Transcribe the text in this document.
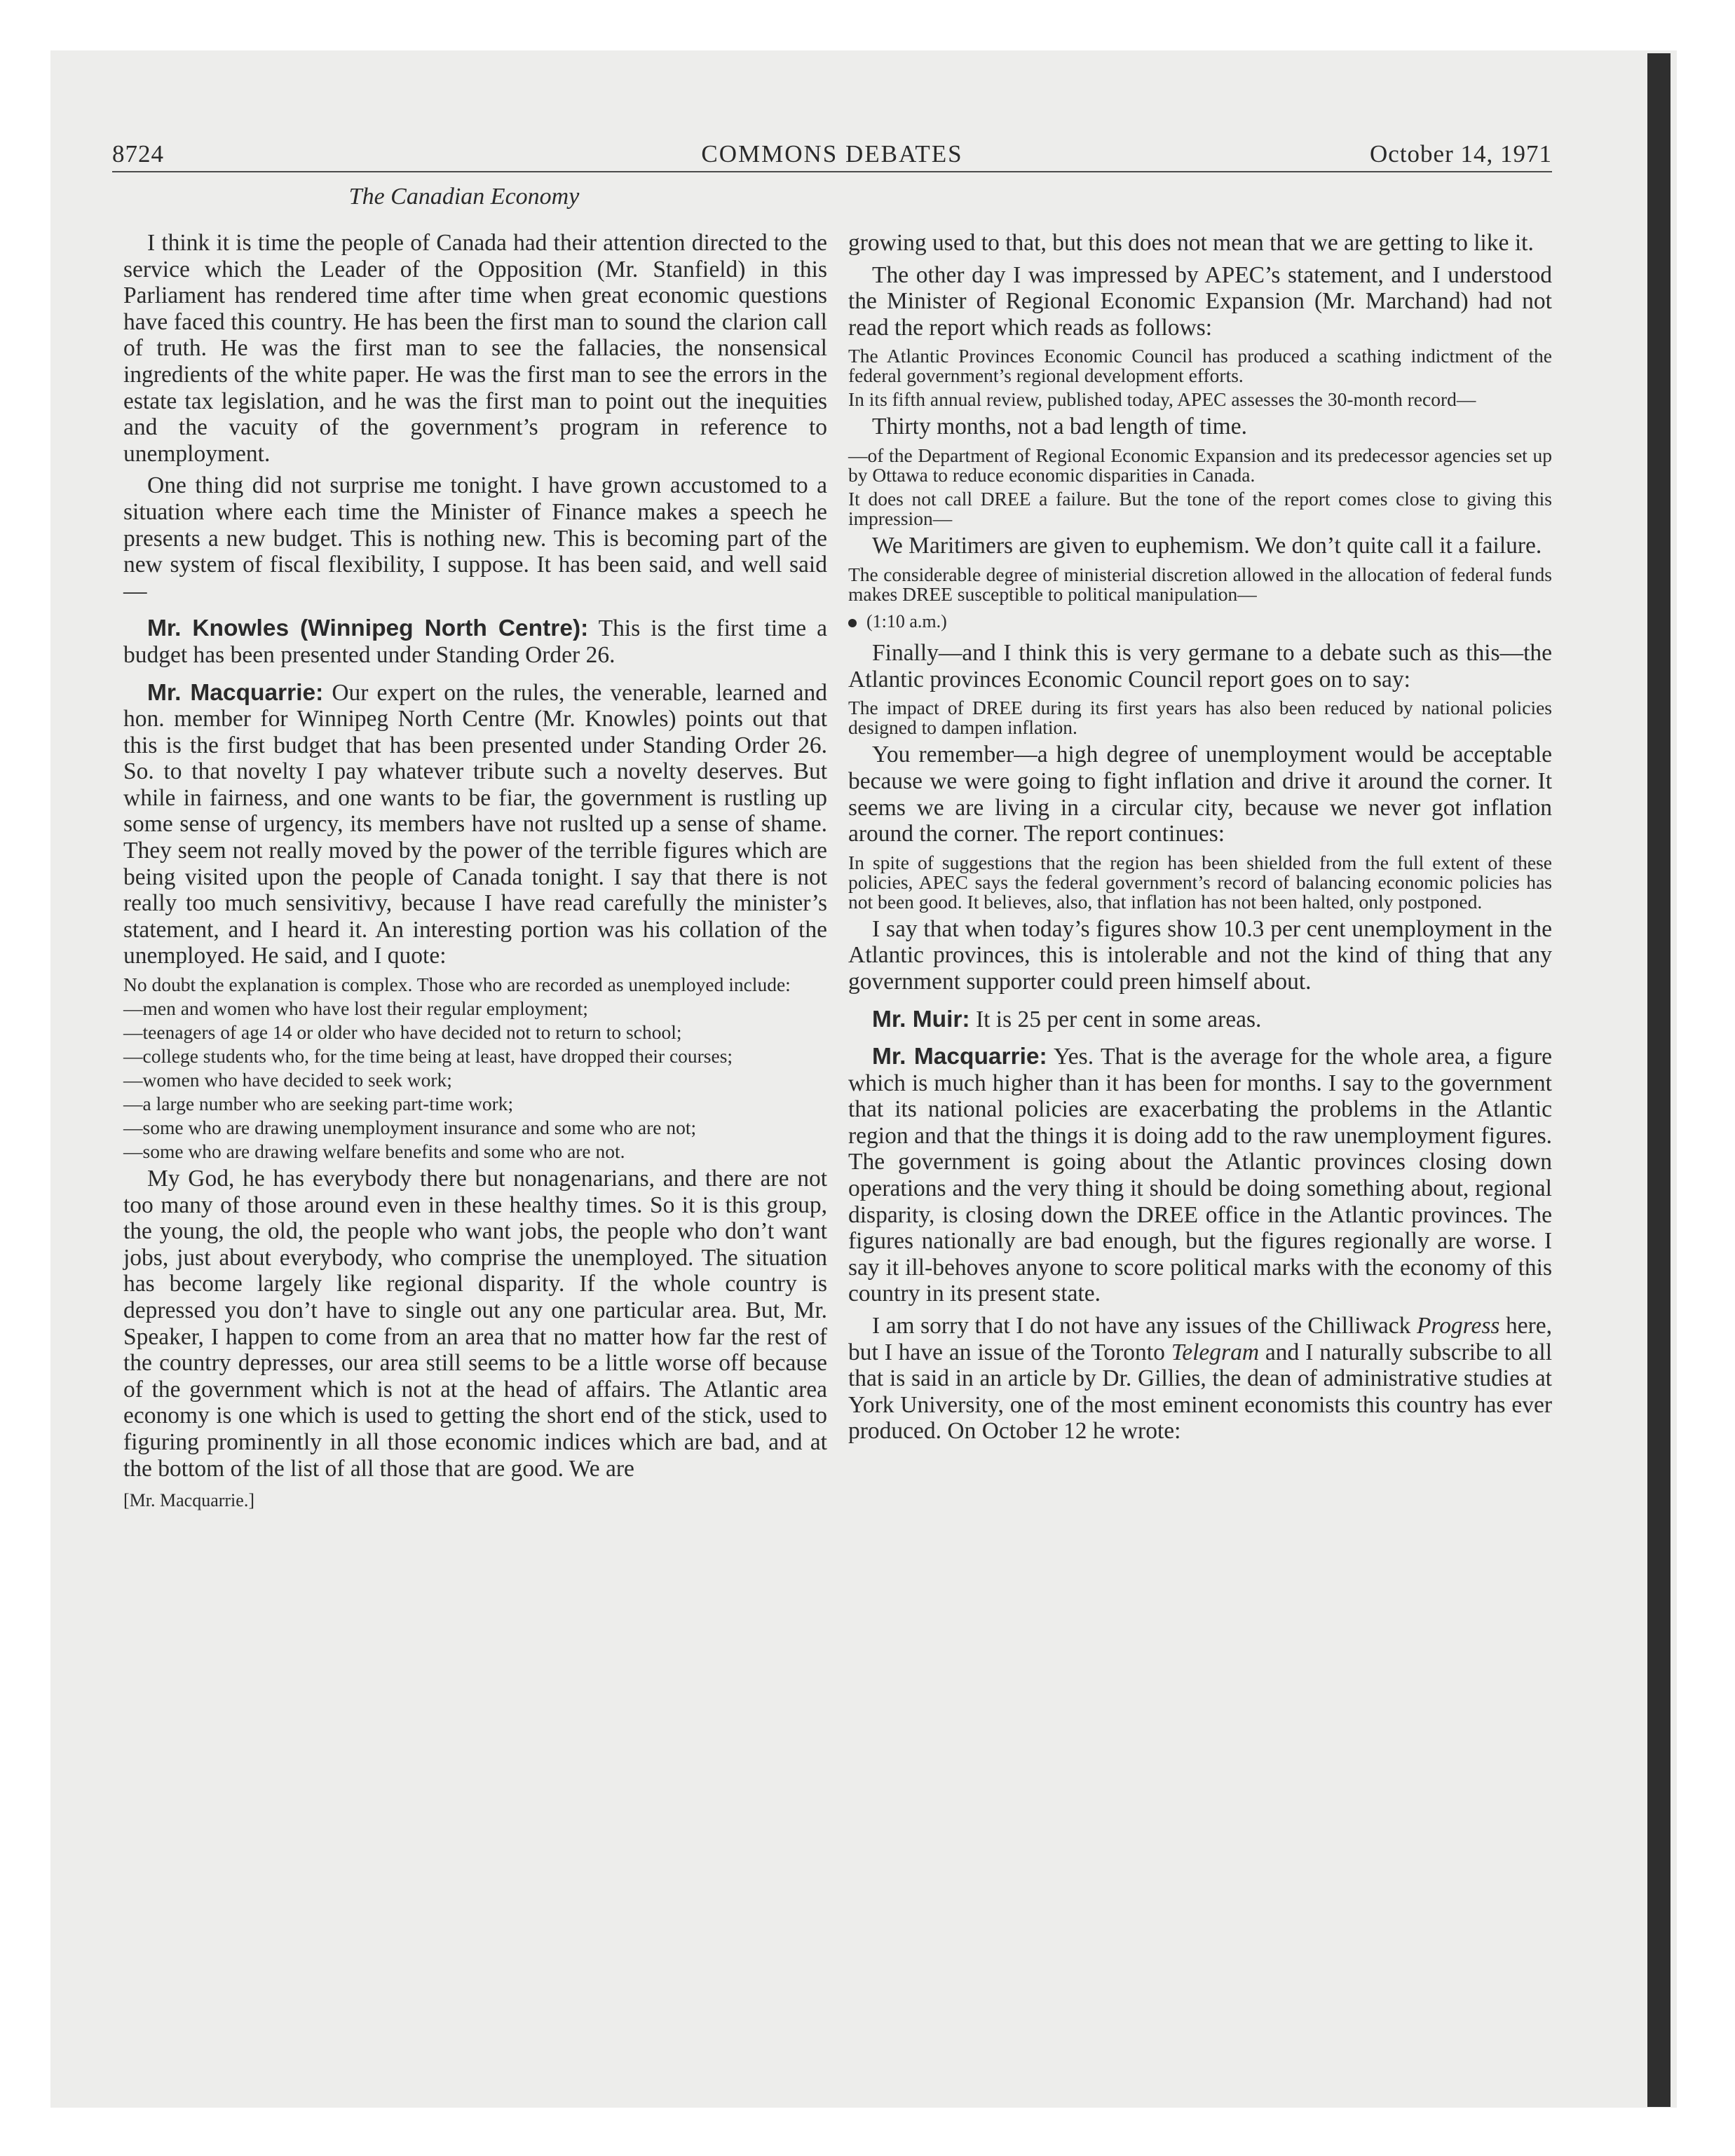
8724	COMMONS DEBATES	October 14, 1971
The Canadian Economy

I think it is time the people of Canada had their attention directed to the service which the Leader of the Opposition (Mr. Stanfield) in this Parliament has rendered time after time when great economic questions have faced this country. He has been the first man to sound the clarion call of truth. He was the first man to see the fallacies, the nonsensical ingredients of the white paper. He was the first man to see the errors in the estate tax legislation, and he was the first man to point out the inequities and the vacuity of the government’s program in reference to unemployment.

One thing did not surprise me tonight. I have grown accustomed to a situation where each time the Minister of Finance makes a speech he presents a new budget. This is nothing new. This is becoming part of the new system of fiscal flexibility, I suppose. It has been said, and well said—

Mr. Knowles (Winnipeg North Centre): This is the first time a budget has been presented under Standing Order 26.

Mr. Macquarrie: Our expert on the rules, the venerable, learned and hon. member for Winnipeg North Centre (Mr. Knowles) points out that this is the first budget that has been presented under Standing Order 26. So. to that novelty I pay whatever tribute such a novelty deserves. But while in fairness, and one wants to be fiar, the government is rustling up some sense of urgency, its members have not ruslted up a sense of shame. They seem not really moved by the power of the terrible figures which are being visited upon the people of Canada tonight. I say that there is not really too much sensivitivy, because I have read carefully the minister’s statement, and I heard it. An interesting portion was his collation of the unemployed. He said, and I quote:

No doubt the explanation is complex. Those who are recorded as unemployed include:

—men and women who have lost their regular employment;

—teenagers of age 14 or older who have decided not to return to school;

—college students who, for the time being at least, have dropped their courses;

—women who have decided to seek work;

—a large number who are seeking part-time work;

—some who are drawing unemployment insurance and some who are not;

—some who are drawing welfare benefits and some who are not.

My God, he has everybody there but nonagenarians, and there are not too many of those around even in these healthy times. So it is this group, the young, the old, the people who want jobs, the people who don’t want jobs, just about everybody, who comprise the unemployed. The situation has become largely like regional disparity. If the whole country is depressed you don’t have to single out any one particular area. But, Mr. Speaker, I happen to come from an area that no matter how far the rest of the country depresses, our area still seems to be a little worse off because of the government which is not at the head of affairs. The Atlantic area economy is one which is used to getting the short end of the stick, used to figuring prominently in all those economic indices which are bad, and at the bottom of the list of all those that are good. We are

[Mr. Macquarrie.]

growing used to that, but this does not mean that we are getting to like it.

The other day I was impressed by APEC’s statement, and I understood the Minister of Regional Economic Expansion (Mr. Marchand) had not read the report which reads as follows:

The Atlantic Provinces Economic Council has produced a scathing indictment of the federal government’s regional development efforts.

In its fifth annual review, published today, APEC assesses the 30-month record—

Thirty months, not a bad length of time.

—of the Department of Regional Economic Expansion and its predecessor agencies set up by Ottawa to reduce economic disparities in Canada.

It does not call DREE a failure. But the tone of the report comes close to giving this impression—

We Maritimers are given to euphemism. We don’t quite call it a failure.

The considerable degree of ministerial discretion allowed in the allocation of federal funds makes DREE susceptible to political manipulation—

(1:10 a.m.)

Finally—and I think this is very germane to a debate such as this—the Atlantic provinces Economic Council report goes on to say:

The impact of DREE during its first years has also been reduced by national policies designed to dampen inflation.

You remember—a high degree of unemployment would be acceptable because we were going to fight inflation and drive it around the corner. It seems we are living in a circular city, because we never got inflation around the corner. The report continues:

In spite of suggestions that the region has been shielded from the full extent of these policies, APEC says the federal government’s record of balancing economic policies has not been good. It believes, also, that inflation has not been halted, only postponed.

I say that when today’s figures show 10.3 per cent unemployment in the Atlantic provinces, this is intolerable and not the kind of thing that any government supporter could preen himself about.

Mr. Muir: It is 25 per cent in some areas.

Mr. Macquarrie: Yes. That is the average for the whole area, a figure which is much higher than it has been for months. I say to the government that its national policies are exacerbating the problems in the Atlantic region and that the things it is doing add to the raw unemployment figures. The government is going about the Atlantic provinces closing down operations and the very thing it should be doing something about, regional disparity, is closing down the DREE office in the Atlantic provinces. The figures nationally are bad enough, but the figures regionally are worse. I say it ill-behoves anyone to score political marks with the economy of this country in its present state.

I am sorry that I do not have any issues of the Chilliwack Progress here, but I have an issue of the Toronto Telegram and I naturally subscribe to all that is said in an article by Dr. Gillies, the dean of administrative studies at York University, one of the most eminent economists this country has ever produced. On October 12 he wrote:
